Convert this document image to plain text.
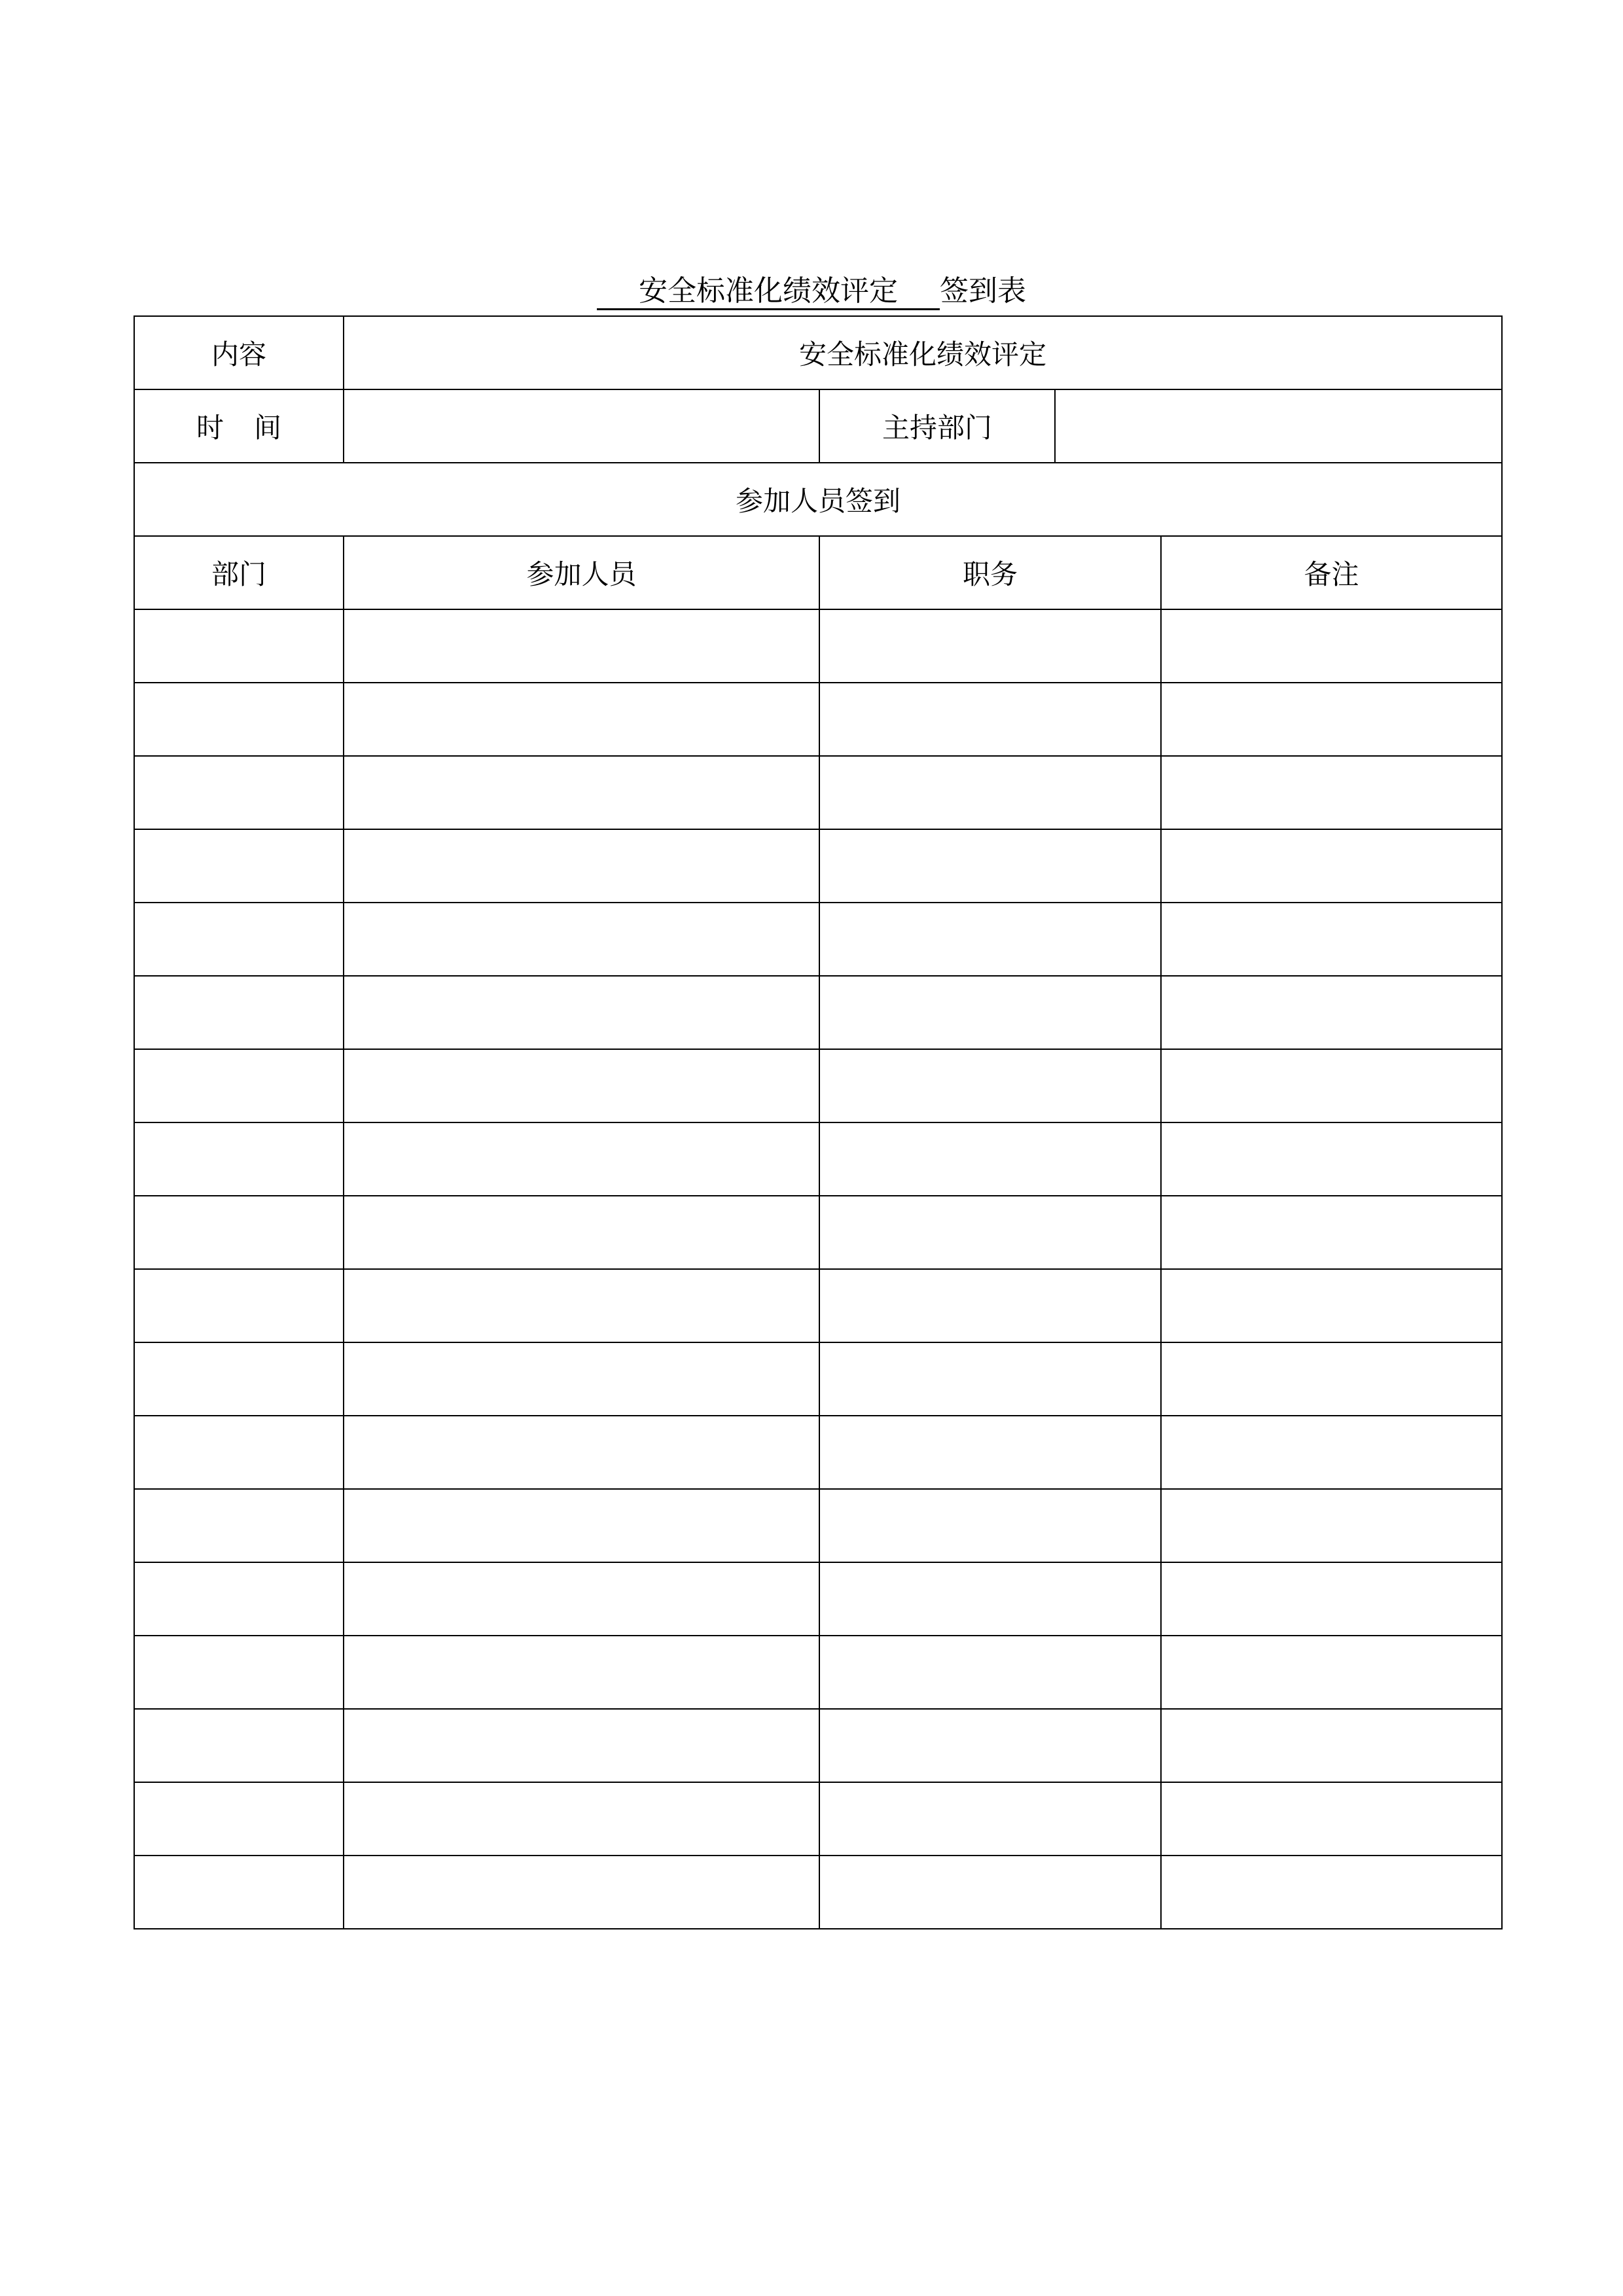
安全标准化绩效评定 签到表
内容	安全标准化绩效评定			
时 间		主持部门		
参加人员签到				
部门	参加人员	职务		备注
